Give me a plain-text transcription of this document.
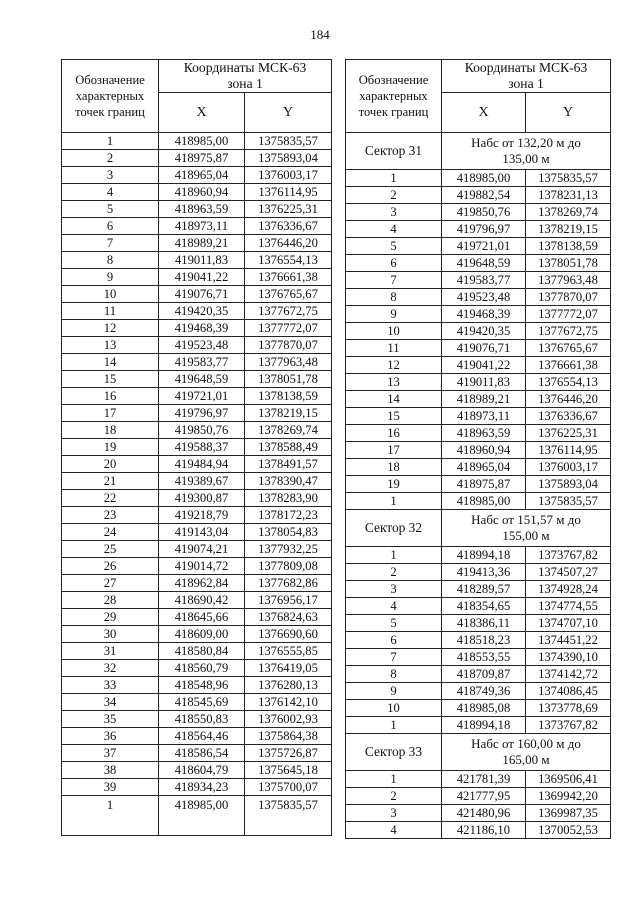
184
Обозначение
характерных
точек границ	Координаты МСК-63
зона 1	
	X	Y
1	418985,00	1375835,57
2	418975,87	1375893,04
3	418965,04	1376003,17
4	418960,94	1376114,95
5	418963,59	1376225,31
6	418973,11	1376336,67
7	418989,21	1376446,20
8	419011,83	1376554,13
9	419041,22	1376661,38
10	419076,71	1376765,67
11	419420,35	1377672,75
12	419468,39	1377772,07
13	419523,48	1377870,07
14	419583,77	1377963,48
15	419648,59	1378051,78
16	419721,01	1378138,59
17	419796,97	1378219,15
18	419850,76	1378269,74
19	419588,37	1378588,49
20	419484,94	1378491,57
21	419389,67	1378390,47
22	419300,87	1378283,90
23	419218,79	1378172,23
24	419143,04	1378054,83
25	419074,21	1377932,25
26	419014,72	1377809,08
27	418962,84	1377682,86
28	418690,42	1376956,17
29	418645,66	1376824,63
30	418609,00	1376690,60
31	418580,84	1376555,85
32	418560,79	1376419,05
33	418548,96	1376280,13
34	418545,69	1376142,10
35	418550,83	1376002,93
36	418564,46	1375864,38
37	418586,54	1375726,87
38	418604,79	1375645,18
39	418934,23	1375700,07
1	418985,00	1375835,57
Обозначение
характерных
точек границ	Координаты МСК-63
зона 1	
	X	Y
Сектор 31	Набс от 132,20 м до
135,00 м	
1	418985,00	1375835,57
2	419882,54	1378231,13
3	419850,76	1378269,74
4	419796,97	1378219,15
5	419721,01	1378138,59
6	419648,59	1378051,78
7	419583,77	1377963,48
8	419523,48	1377870,07
9	419468,39	1377772,07
10	419420,35	1377672,75
11	419076,71	1376765,67
12	419041,22	1376661,38
13	419011,83	1376554,13
14	418989,21	1376446,20
15	418973,11	1376336,67
16	418963,59	1376225,31
17	418960,94	1376114,95
18	418965,04	1376003,17
19	418975,87	1375893,04
1	418985,00	1375835,57
Сектор 32	Набс от 151,57 м до
155,00 м	
1	418994,18	1373767,82
2	419413,36	1374507,27
3	418289,57	1374928,24
4	418354,65	1374774,55
5	418386,11	1374707,10
6	418518,23	1374451,22
7	418553,55	1374390,10
8	418709,87	1374142,72
9	418749,36	1374086,45
10	418985,08	1373778,69
1	418994,18	1373767,82
Сектор 33	Набс от 160,00 м до
165,00 м	
1	421781,39	1369506,41
2	421777,95	1369942,20
3	421480,96	1369987,35
4	421186,10	1370052,53
